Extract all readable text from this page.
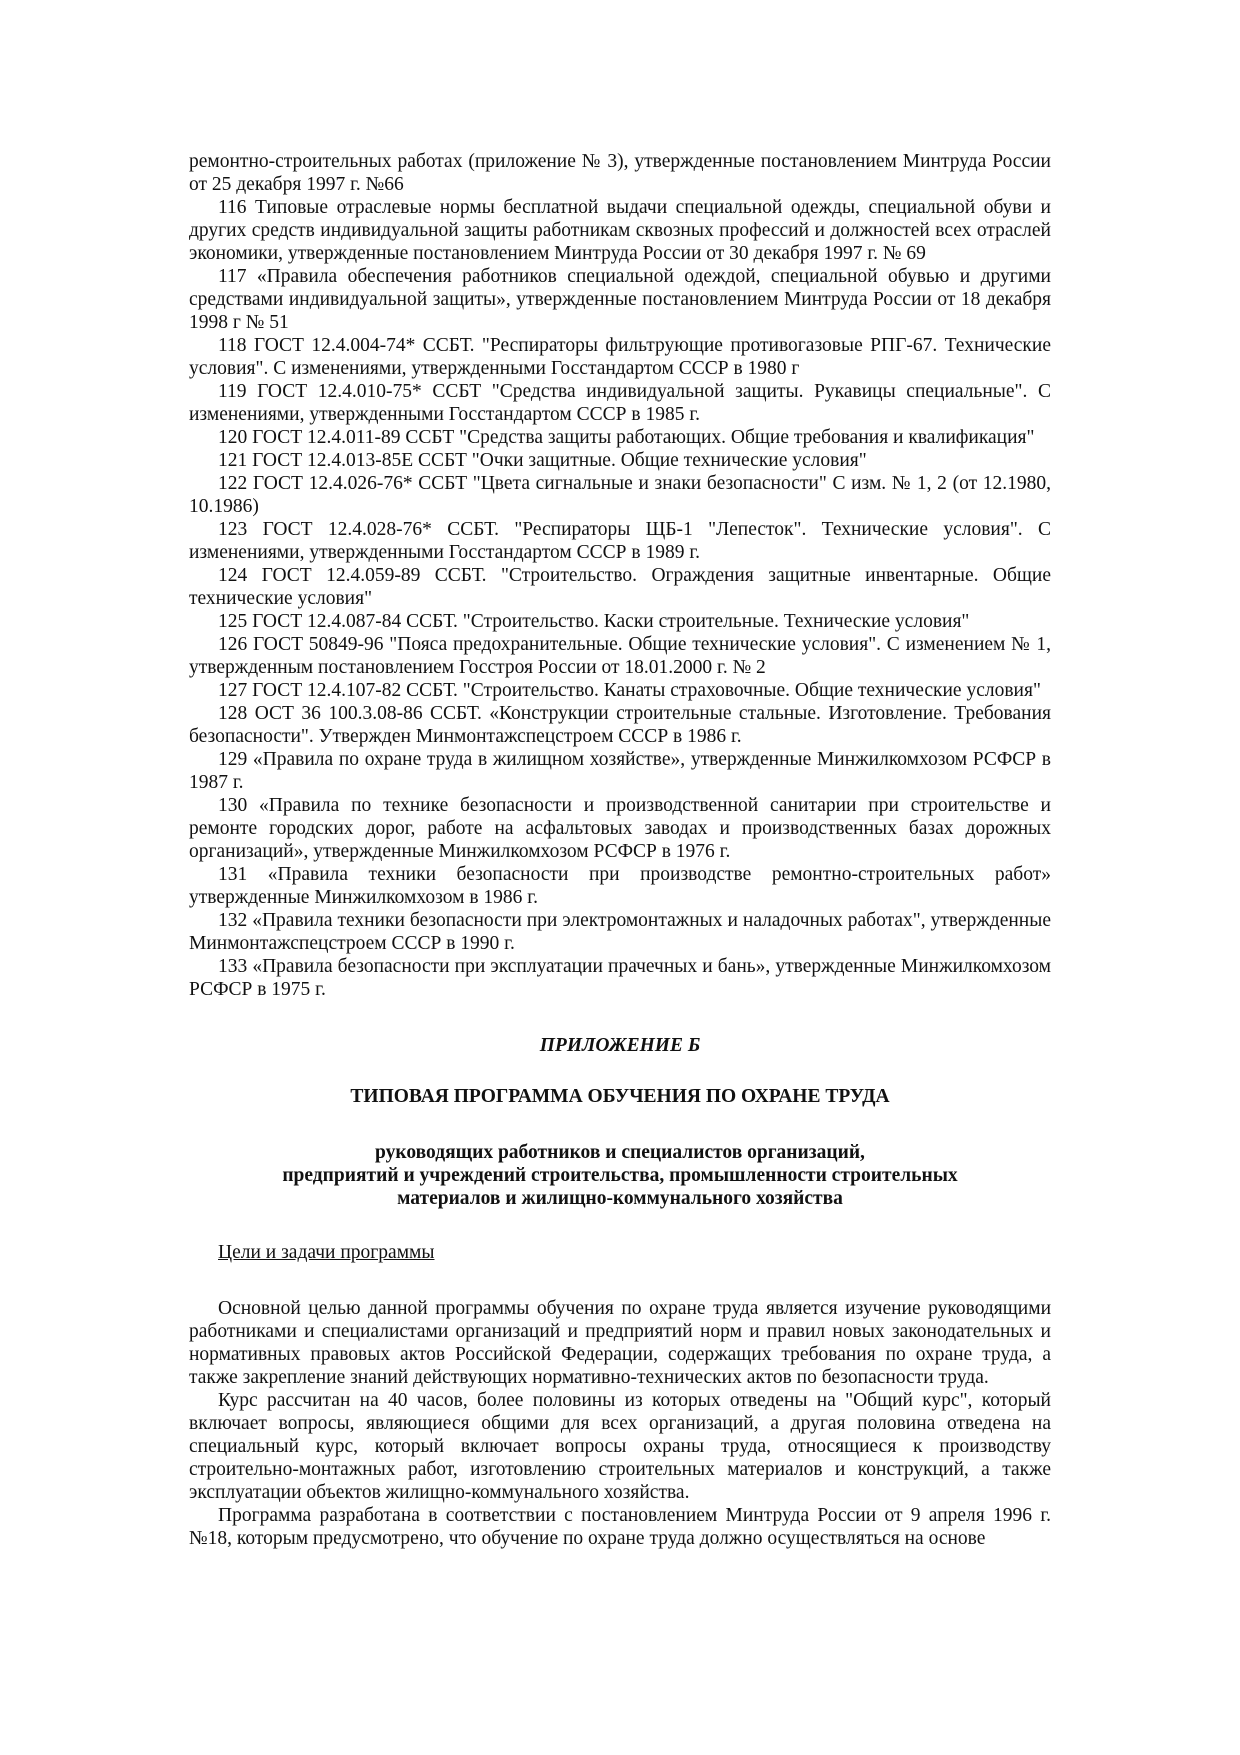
ремонтно-строительных работах (приложение № 3), утвержденные постановлением Минтруда России от 25 декабря 1997 г. №66

116 Типовые отраслевые нормы бесплатной выдачи специальной одежды, специальной обуви и других средств индивидуальной защиты работникам сквозных профессий и должностей всех отраслей экономики, утвержденные постановлением Минтруда России от 30 декабря 1997 г. № 69

117 «Правила обеспечения работников специальной одеждой, специальной обувью и другими средствами индивидуальной защиты», утвержденные постановлением Минтруда России от 18 декабря 1998 г № 51

118 ГОСТ 12.4.004-74* ССБТ. "Респираторы фильтрующие противогазовые РПГ-67. Технические условия". С изменениями, утвержденными Госстандартом СССР в 1980 г

119 ГОСТ 12.4.010-75* ССБТ "Средства индивидуальной защиты. Рукавицы специальные". С изменениями, утвержденными Госстандартом СССР в 1985 г.

120 ГОСТ 12.4.011-89 ССБТ "Средства защиты работающих. Общие требования и квалификация"

121 ГОСТ 12.4.013-85Е ССБТ "Очки защитные. Общие технические условия"

122 ГОСТ 12.4.026-76* ССБТ "Цвета сигнальные и знаки безопасности" С изм. № 1, 2 (от 12.1980, 10.1986)

123 ГОСТ 12.4.028-76* ССБТ. "Респираторы ЩБ-1 "Лепесток". Технические условия". С изменениями, утвержденными Госстандартом СССР в 1989 г.

124 ГОСТ 12.4.059-89 ССБТ. "Строительство. Ограждения защитные инвентарные. Общие технические условия"

125 ГОСТ 12.4.087-84 ССБТ. "Строительство. Каски строительные. Технические условия"

126 ГОСТ 50849-96 "Пояса предохранительные. Общие технические условия". С изменением № 1, утвержденным постановлением Госстроя России от 18.01.2000 г. № 2

127 ГОСТ 12.4.107-82 ССБТ. "Строительство. Канаты страховочные. Общие технические условия"

128 ОСТ 36 100.3.08-86 ССБТ. «Конструкции строительные стальные. Изготовление. Требования безопасности". Утвержден Минмонтажспецстроем СССР в 1986 г.

129 «Правила по охране труда в жилищном хозяйстве», утвержденные Минжилкомхозом РСФСР в 1987 г.

130 «Правила по технике безопасности и производственной санитарии при строительстве и ремонте городских дорог, работе на асфальтовых заводах и производственных базах дорожных организаций», утвержденные Минжилкомхозом РСФСР в 1976 г.

131 «Правила техники безопасности при производстве ремонтно-строительных работ» утвержденные Минжилкомхозом в 1986 г.

132 «Правила техники безопасности при электромонтажных и наладочных работах", утвержденные Минмонтажспецстроем СССР в 1990 г.

133 «Правила безопасности при эксплуатации прачечных и бань», утвержденные Минжилкомхозом РСФСР в 1975 г.

ПРИЛОЖЕНИЕ Б
ТИПОВАЯ ПРОГРАММА ОБУЧЕНИЯ ПО ОХРАНЕ ТРУДА
руководящих работников и специалистов организаций,
предприятий и учреждений строительства, промышленности строительных
материалов и жилищно-коммунального хозяйства
Цели и задачи программы

Основной целью данной программы обучения по охране труда является изучение руководящими работниками и специалистами организаций и предприятий норм и правил новых законодательных и нормативных правовых актов Российской Федерации, содержащих требования по охране труда, а также закрепление знаний действующих нормативно-технических актов по безопасности труда.

Курс рассчитан на 40 часов, более половины из которых отведены на "Общий курс", который включает вопросы, являющиеся общими для всех организаций, а другая половина отведена на специальный курс, который включает вопросы охраны труда, относящиеся к производству строительно-монтажных работ, изготовлению строительных материалов и конструкций, а также эксплуатации объектов жилищно-коммунального хозяйства.

Программа разработана в соответствии с постановлением Минтруда России от 9 апреля 1996 г. №18, которым предусмотрено, что обучение по охране труда должно осуществляться на основе
